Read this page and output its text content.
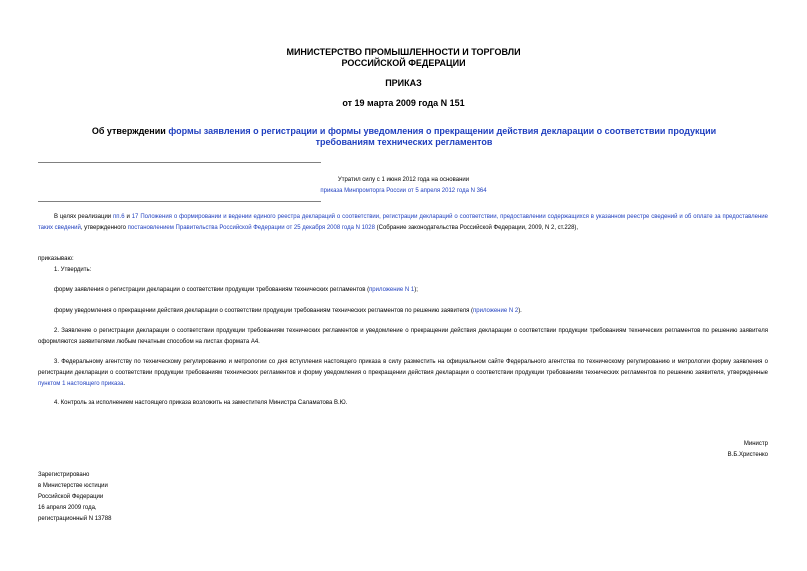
МИНИСТЕРСТВО ПРОМЫШЛЕННОСТИ И ТОРГОВЛИ
РОССИЙСКОЙ ФЕДЕРАЦИИ
ПРИКАЗ
от 19 марта 2009 года N 151
Об утверждении формы заявления о регистрации и формы уведомления о прекращении действия декларации о соответствии продукции требованиям технических регламентов
Утратил силу с 1 июня 2012 года на основании
приказа Минпромторга России от 5 апреля 2012 года N 364
В целях реализации пп.6 и 17 Положения о формировании и ведении единого реестра деклараций о соответствии, регистрации деклараций о соответствии, предоставлении содержащихся в указанном реестре сведений и об оплате за предоставление таких сведений, утвержденного постановлением Правительства Российской Федерации от 25 декабря 2008 года N 1028 (Собрание законодательства Российской Федерации, 2009, N 2, ст.228),
приказываю:
1. Утвердить:
форму заявления о регистрации декларации о соответствии продукции требованиям технических регламентов (приложение N 1);
форму уведомления о прекращении действия декларации о соответствии продукции требованиям технических регламентов по решению заявителя (приложение N 2).
2. Заявление о регистрации декларации о соответствии продукции требованиям технических регламентов и уведомление о прекращении действия декларации о соответствии продукции требованиям технических регламентов по решению заявителя оформляются заявителями любым печатным способом на листах формата А4.
3. Федеральному агентству по техническому регулированию и метрологии со дня вступления настоящего приказа в силу разместить на официальном сайте Федерального агентства по техническому регулированию и метрологии форму заявления о регистрации декларации о соответствии продукции требованиям технических регламентов и форму уведомления о прекращении действия декларации о соответствии продукции требованиям технических регламентов по решению заявителя, утвержденные пунктом 1 настоящего приказа.
4. Контроль за исполнением настоящего приказа возложить на заместителя Министра Саламатова В.Ю.
Министр
В.Б.Христенко
Зарегистрировано
в Министерстве юстиции
Российской Федерации
16 апреля 2009 года,
регистрационный N 13788
